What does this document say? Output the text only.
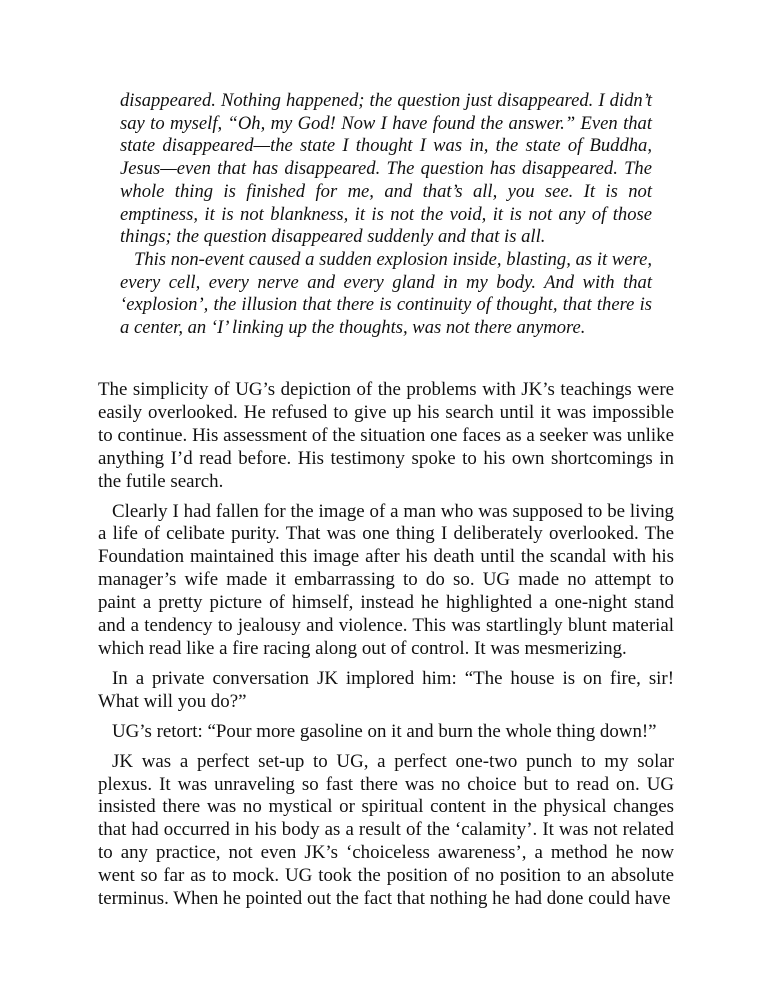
disappeared. Nothing happened; the question just disappeared. I didn’t say to myself, “Oh, my God! Now I have found the answer.” Even that state disappeared—the state I thought I was in, the state of Buddha, Jesus—even that has disappeared. The question has disappeared. The whole thing is finished for me, and that’s all, you see. It is not emptiness, it is not blankness, it is not the void, it is not any of those things; the question disappeared suddenly and that is all.

This non-event caused a sudden explosion inside, blasting, as it were, every cell, every nerve and every gland in my body. And with that ‘explosion’, the illusion that there is continuity of thought, that there is a center, an ‘I’ linking up the thoughts, was not there anymore.

The simplicity of UG’s depiction of the problems with JK’s teachings were easily overlooked. He refused to give up his search until it was impossible to continue. His assessment of the situation one faces as a seeker was unlike anything I’d read before. His testimony spoke to his own shortcomings in the futile search.

Clearly I had fallen for the image of a man who was supposed to be living a life of celibate purity. That was one thing I deliberately overlooked. The Foundation maintained this image after his death until the scandal with his manager’s wife made it embarrassing to do so. UG made no attempt to paint a pretty picture of himself, instead he highlighted a one-night stand and a tendency to jealousy and violence. This was startlingly blunt material which read like a fire racing along out of control. It was mesmerizing.

In a private conversation JK implored him: “The house is on fire, sir! What will you do?”

UG’s retort: “Pour more gasoline on it and burn the whole thing down!”

JK was a perfect set-up to UG, a perfect one-two punch to my solar plexus. It was unraveling so fast there was no choice but to read on. UG insisted there was no mystical or spiritual content in the physical changes that had occurred in his body as a result of the ‘calamity’. It was not related to any practice, not even JK’s ‘choiceless awareness’, a method he now went so far as to mock. UG took the position of no position to an absolute terminus. When he pointed out the fact that nothing he had done could have
